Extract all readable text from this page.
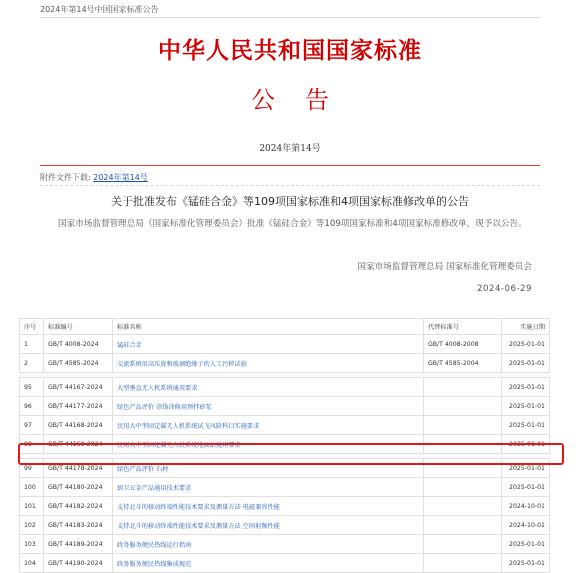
2024年第14号中国国家标准公告
中华人民共和国国家标准
公告
2024年第14号
附件文件下载: 2024年第14号
关于批准发布《锰硅合金》等109项国家标准和4项国家标准修改单的公告
国家市场监督管理总局（国家标准化管理委员会）批准《锰硅合金》等109项国家标准和4项国家标准修改单，现予以公告。
国家市场监督管理总局 国家标准化管理委员会
2024-06-29
序号	标准编号	标准名称	代替标准号	实施日期
1	GB/T 4008-2024	锰硅合金	GB/T 4008-2008	2025-01-01
2	GB/T 4585-2024	交流系统用高压瓷和玻璃绝缘子的人工污秽试验	GB/T 4585-2004	2025-01-01

95	GB/T 44167-2024	大型垂直无人机系统通用要求		2025-01-01
96	GB/T 44177-2024	绿色产品评价 涂饰涂修用预拌砂浆		2025-01-01
97	GB/T 44168-2024	民用大中型固定翼无人机系统试飞风险科目实施要求		2025-01-01
98	GB/T 44169-2024	民用大中型固定翼无人机系统地面站通用要求		2025-01-01

99	GB/T 44178-2024	绿色产品评价 石材		2025-01-01
100	GB/T 44180-2024	厨卫五金产品通用技术要求		2025-01-01
101	GB/T 44182-2024	支持北斗的移动终端性能技术要求及测量方法 电磁兼容性能		2024-10-01
102	GB/T 44183-2024	支持北斗的移动终端性能技术要求及测量方法 空间射频性能		2024-10-01
103	GB/T 44189-2024	政务服务便民热线运行指南		2025-01-01
104	GB/T 44190-2024	政务服务便民热线集成规范		2025-01-01
